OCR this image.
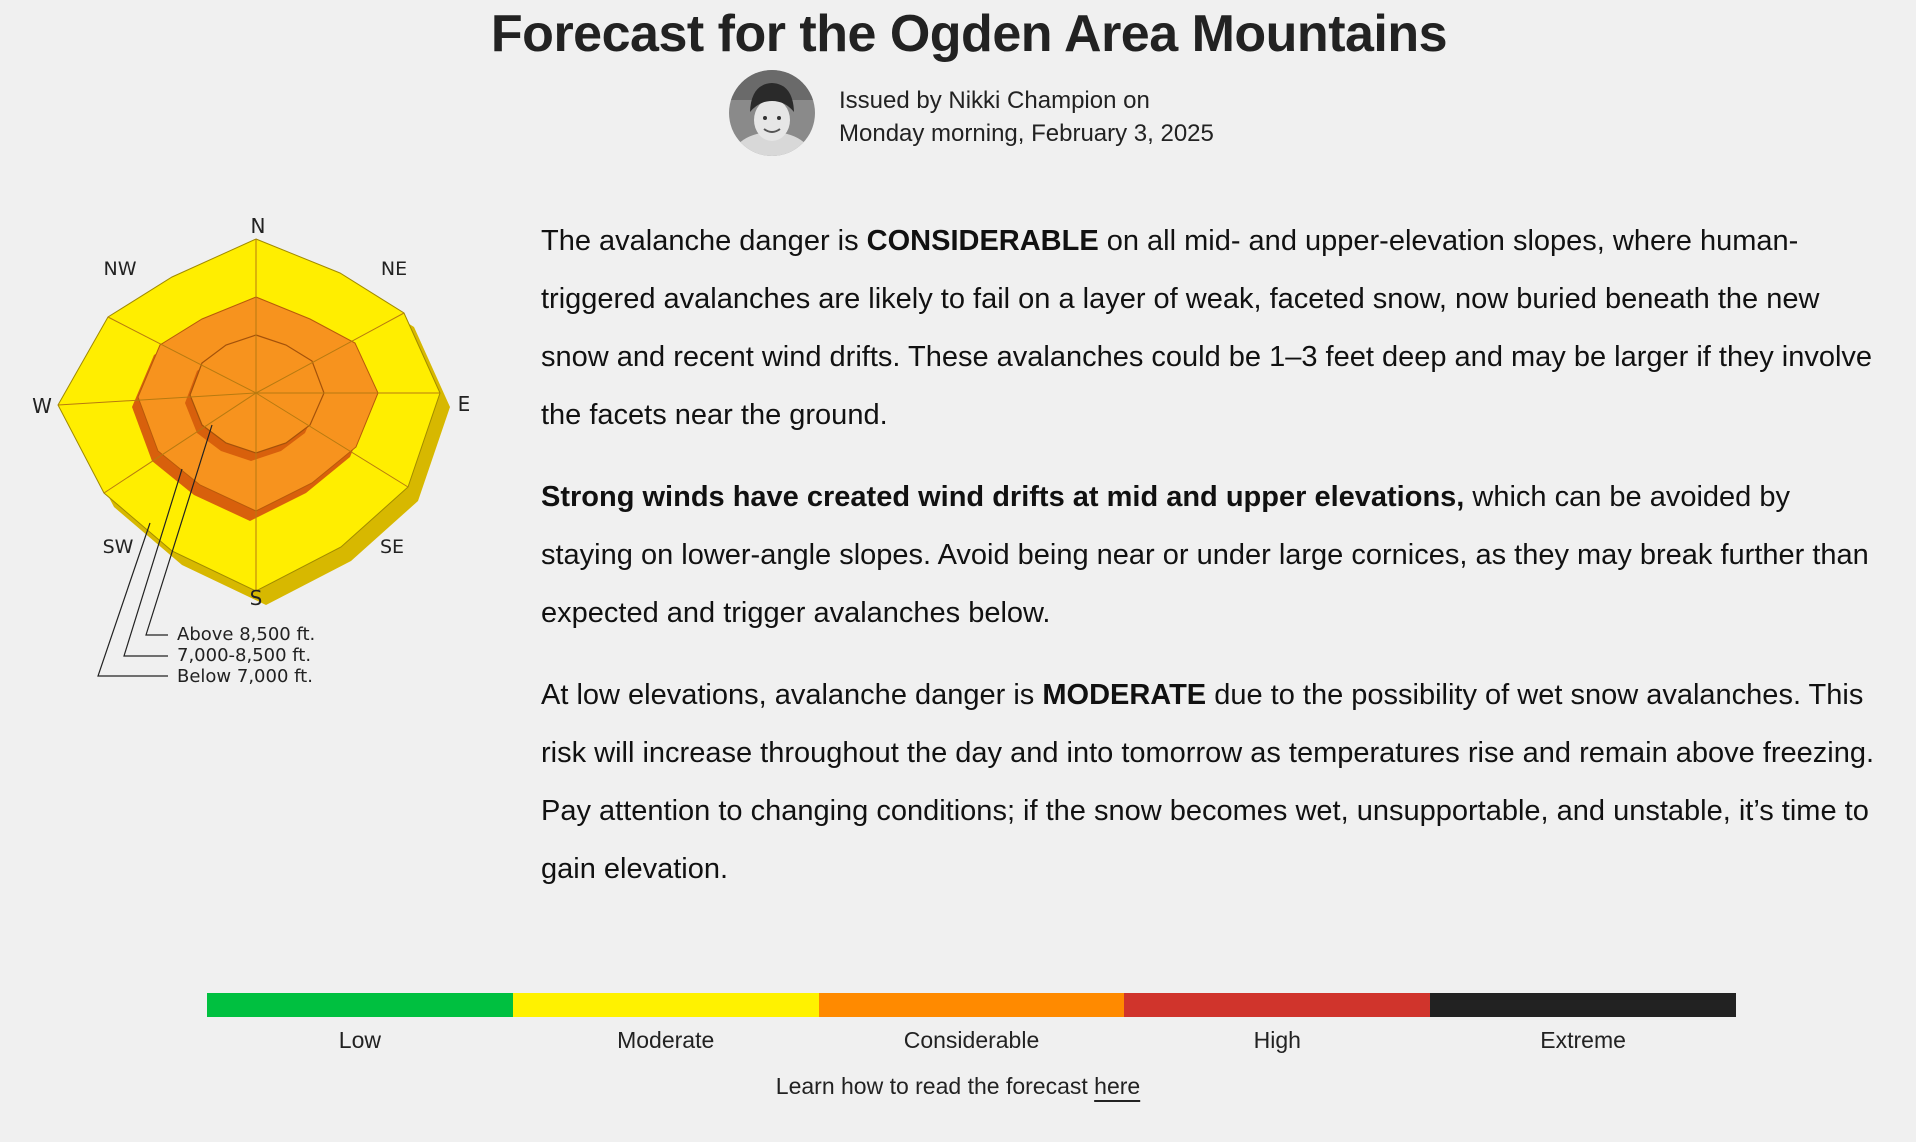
Forecast for the Ogden Area Mountains
Issued by Nikki Champion on
Monday morning, February 3, 2025
N
NE
E
SE
S
SW
W
NW
Above 8,500 ft.
7,000-8,500 ft.
Below 7,000 ft.

The avalanche danger is CONSIDERABLE on all mid- and upper-elevation slopes, where human-triggered avalanches are likely to fail on a layer of weak, faceted snow, now buried beneath the new snow and recent wind drifts. These avalanches could be 1–3 feet deep and may be larger if they involve the facets near the ground.

Strong winds have created wind drifts at mid and upper elevations, which can be avoided by staying on lower-angle slopes. Avoid being near or under large cornices, as they may break further than expected and trigger avalanches below.

At low elevations, avalanche danger is MODERATE due to the possibility of wet snow avalanches. This risk will increase throughout the day and into tomorrow as temperatures rise and remain above freezing. Pay attention to changing conditions; if the snow becomes wet, unsupportable, and unstable, it’s time to gain elevation.

Low	Moderate	Considerable	High	Extreme
Learn how to read the forecast here
